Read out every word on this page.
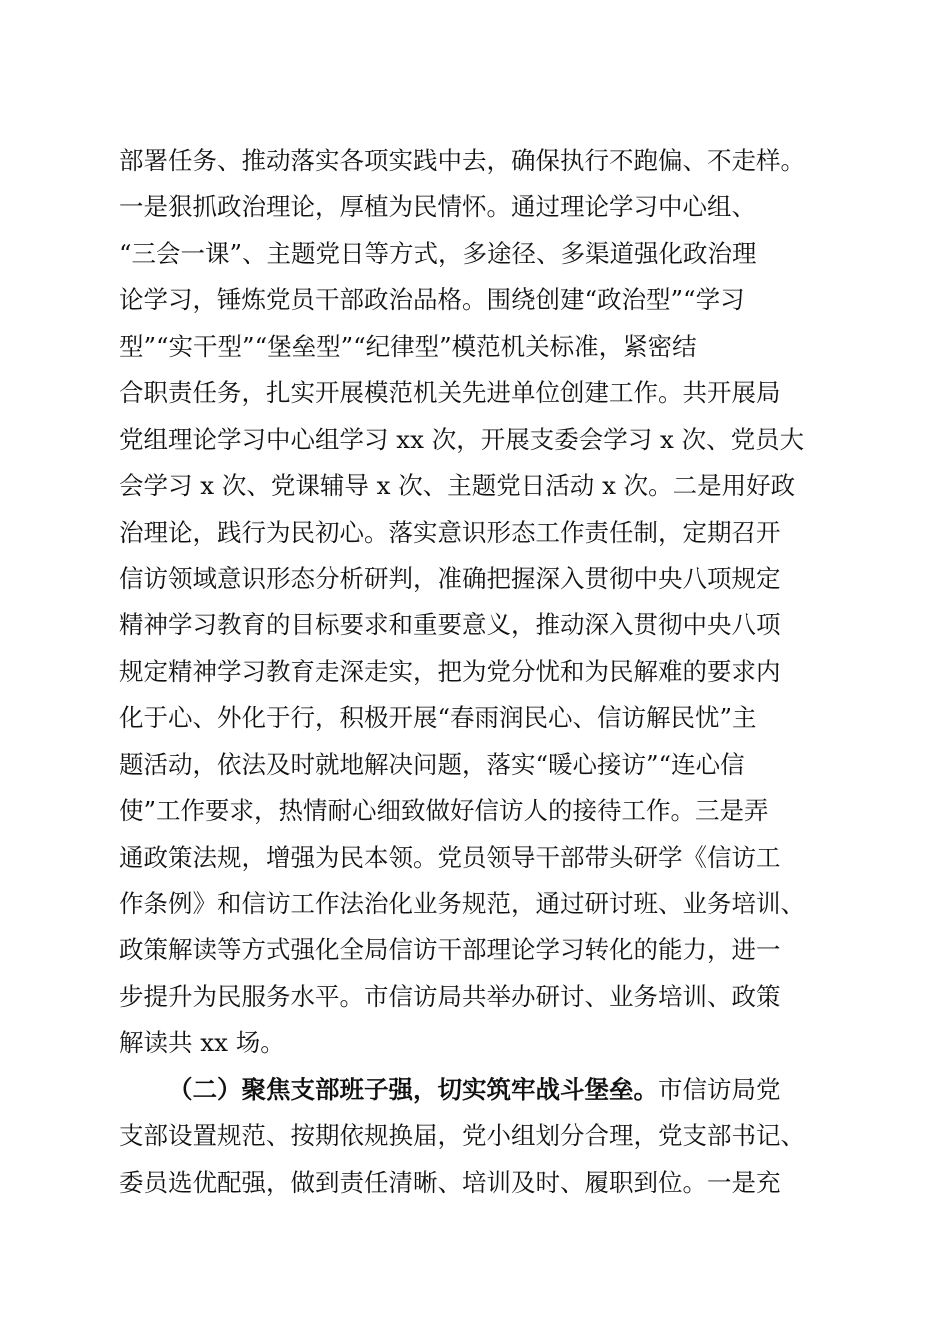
部署任务、推动落实各项实践中去，确保执行不跑偏、不走样。
一是狠抓政治理论，厚植为民情怀。通过理论学习中心组、
“三会一课”、主题党日等方式，多途径、多渠道强化政治理
论学习，锤炼党员干部政治品格。围绕创建“政治型”“学习
型”“实干型”“堡垒型”“纪律型”模范机关标准，紧密结
合职责任务，扎实开展模范机关先进单位创建工作。共开展局
党组理论学习中心组学习 xx 次，开展支委会学习 x 次、党员大
会学习 x 次、党课辅导 x 次、主题党日活动 x 次。二是用好政
治理论，践行为民初心。落实意识形态工作责任制，定期召开
信访领域意识形态分析研判，准确把握深入贯彻中央八项规定
精神学习教育的目标要求和重要意义，推动深入贯彻中央八项
规定精神学习教育走深走实，把为党分忧和为民解难的要求内
化于心、外化于行，积极开展“春雨润民心、信访解民忧”主
题活动，依法及时就地解决问题，落实“暖心接访”“连心信
使”工作要求，热情耐心细致做好信访人的接待工作。三是弄
通政策法规，增强为民本领。党员领导干部带头研学《信访工
作条例》和信访工作法治化业务规范，通过研讨班、业务培训、
政策解读等方式强化全局信访干部理论学习转化的能力，进一
步提升为民服务水平。市信访局共举办研讨、业务培训、政策
解读共 xx 场。
（二）聚焦支部班子强，切实筑牢战斗堡垒。市信访局党
支部设置规范、按期依规换届，党小组划分合理，党支部书记、
委员选优配强，做到责任清晰、培训及时、履职到位。一是充
